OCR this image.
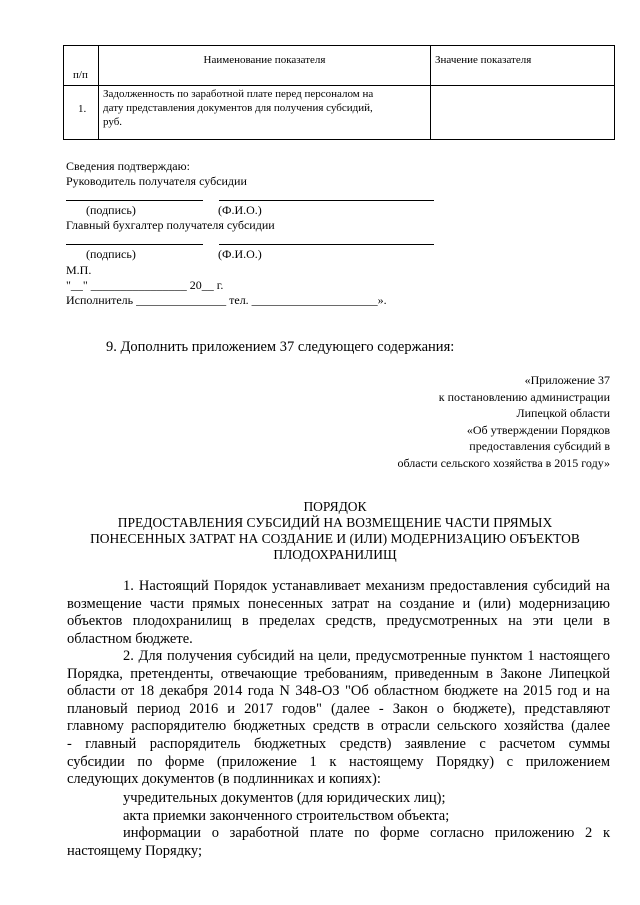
п/п	Наименование показателя	Значение показателя

1.	Задолженность по заработной плате перед персоналом на
дату представления документов для получения субсидий,
руб.	

Сведения подтверждаю:
Руководитель получателя субсидии
(подпись)	(Ф.И.О.)
Главный бухгалтер получателя субсидии
(подпись)	(Ф.И.О.)
М.П.
"__" ________________ 20__ г.
Исполнитель _______________ тел. _____________________».
9. Дополнить приложением 37 следующего содержания:
«Приложение 37
к постановлению администрации
Липецкой области
«Об утверждении Порядков
предоставления субсидий в
области сельского хозяйства в 2015 году»
ПОРЯДОК
ПРЕДОСТАВЛЕНИЯ СУБСИДИЙ НА ВОЗМЕЩЕНИЕ ЧАСТИ ПРЯМЫХ
ПОНЕСЕННЫХ ЗАТРАТ НА СОЗДАНИЕ И (ИЛИ) МОДЕРНИЗАЦИЮ ОБЪЕКТОВ
ПЛОДОХРАНИЛИЩ
1. Настоящий Порядок устанавливает механизм предоставления субсидий на
возмещение части прямых понесенных затрат на создание и (или) модернизацию
объектов плодохранилищ в пределах средств, предусмотренных на эти цели в
областном бюджете.
2. Для получения субсидий на цели, предусмотренные пунктом 1 настоящего
Порядка, претенденты, отвечающие требованиям, приведенным в Законе Липецкой
области от 18 декабря 2014 года N 348-ОЗ "Об областном бюджете на 2015 год и на
плановый период 2016 и 2017 годов" (далее - Закон о бюджете), представляют
главному распорядителю бюджетных средств в отрасли сельского хозяйства (далее
- главный распорядитель бюджетных средств) заявление с расчетом суммы
субсидии по форме (приложение 1 к настоящему Порядку) с приложением
следующих документов (в подлинниках и копиях):
учредительных документов (для юридических лиц);
акта приемки законченного строительством объекта;
информации о заработной плате по форме согласно приложению 2 к
настоящему Порядку;
